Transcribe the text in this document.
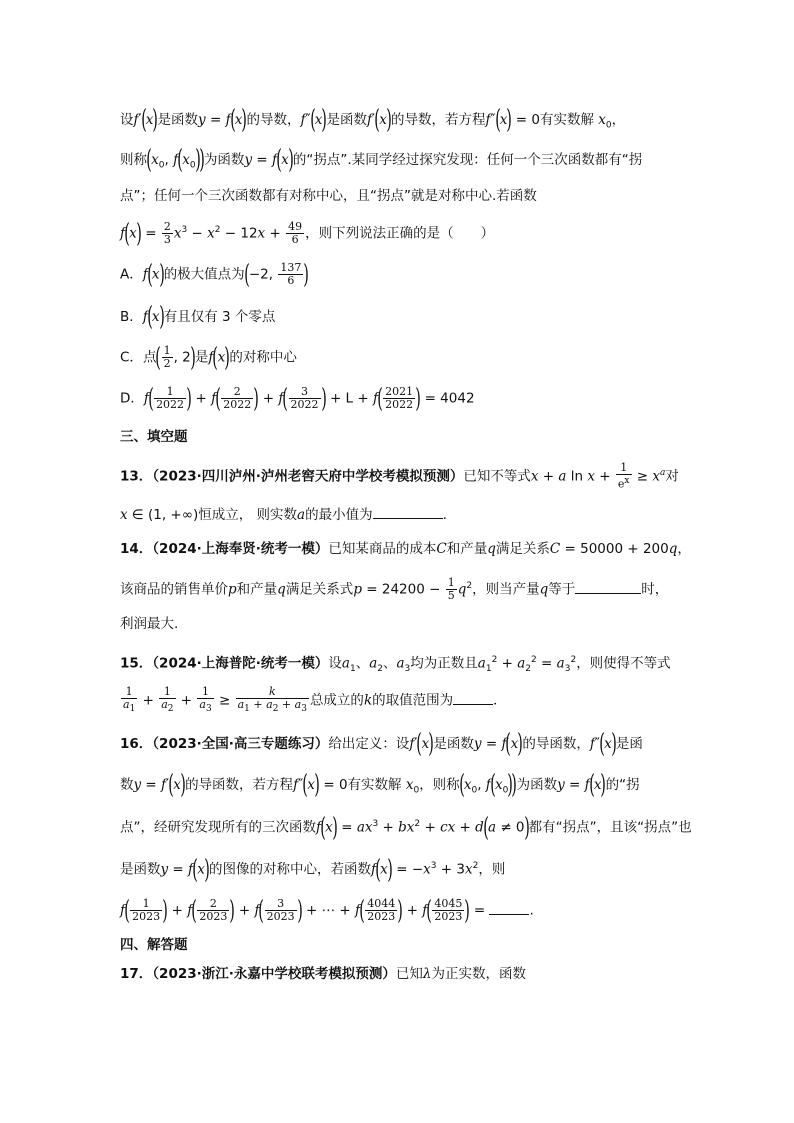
设f′(x)是函数y = f(x)的导数，f″(x)是函数f′(x)的导数，若方程f″(x) = 0有实数解 $x_0$，
则称($x_0$, $f(x_0)$)为函数y = f(x)的“拐点”.某同学经过探究发现：任何一个三次函数都有“拐
点”；任何一个三次函数都有对称中心，且“拐点”就是对称中心.若函数
$f(x) = \frac{2}{3} x^3 - x^2 - 12x + \frac{49}{6}$ ，则下列说法正确的是（　　）
A．f(x)的极大值点为(−2, $\frac{137}{6}$ )
B．f(x)有且仅有 3 个零点
C．点( $\frac{1}{2}$ , 2)是f(x)的对称中心
D．$f( \frac{1}{2022}$ ) + $f( \frac{2}{2022}$ ) + $f( \frac{3}{2022}$ ) + $L + f( \frac{2021}{2022}$ ) = 4042
三、填空题
13．（2023·四川泸州·泸州老窖天府中学校考模拟预测）已知不等式x + a $\ln x + \frac{1}{e^x} \ge x^a$对
x ∈ (1, +∞)恒成立， 则实数a的最小值为	.
14．（2024·上海奉贤·统考一模）已知某商品的成本C和产量q满足关系C = 50000 + 200q，
该商品的销售单价p和产量q满足关系式$p = 24200 - \frac{1}{5} q^2$，则当产量q等于	时，
利润最大.
15．（2024·上海普陀·统考一模）设$a_1$、$a_2$、$a_3$均为正数且$a_1^2 + a_2^2 = a_3^2$，则使得不等式
$\frac{1}{a_1} + \frac{1}{a_2} + \frac{1}{a_3} \ge \frac{k}{a_1 + a_2 + a_3}$ 总成立的k的取值范围为	．
16．（2023·全国·高三专题练习）给出定义：设f′(x)是函数y = f(x)的导函数，f″(x)是函
数y = f′(x)的导函数，若方程f″(x) = 0有实数解 $x_0$，则称($x_0$, $f(x_0)$)为函数y = f(x)的“拐
点”，经研究发现所有的三次函数$f(x) = ax^3 + bx^2$ + cx + d(a ≠ 0)都有“拐点”，且该“拐点”也
是函数y = f(x)的图像的对称中心，若函数$f(x) = -x^3 + 3x^2$，则
$f( \frac{1}{2023}$ ) + $f( \frac{2}{2023}$ ) + $f( \frac{3}{2023}$ ) + ⋯ + $f( \frac{4044}{2023}$ ) + $f( \frac{4045}{2023}$ ) =	.
四、解答题
17．（2023·浙江·永嘉中学校联考模拟预测）已知λ为正实数，函数
